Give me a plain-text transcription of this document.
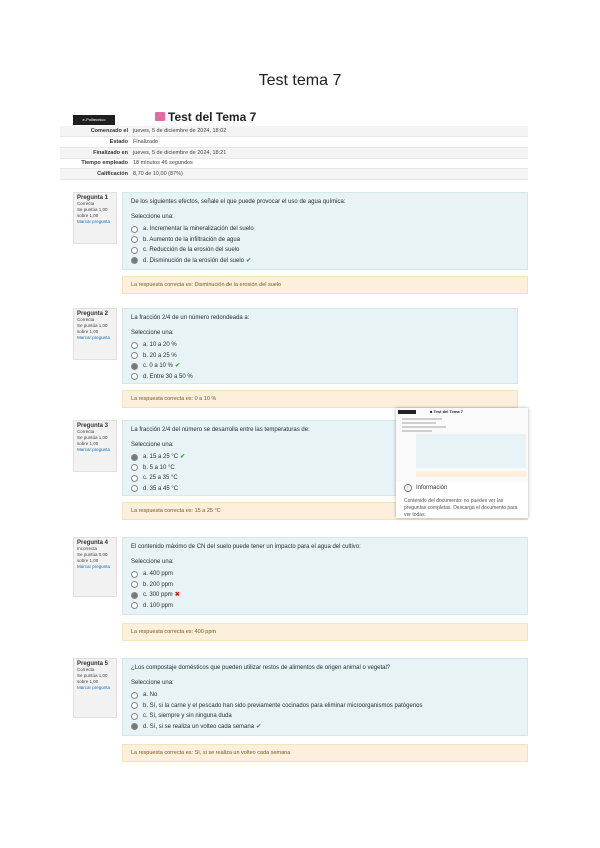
Test tema 7
e-Politecnico	Test del Tema 7
Comenzado el jueves, 5 de diciembre de 2024, 18:02
Estado Finalizado
Finalizado en jueves, 5 de diciembre de 2024, 18:21
Tiempo empleado 18 minutos 46 segundos
Calificación 8,70 de 10,00 (87%)
Pregunta 1
Correcta
Se puntúa 1,00 sobre 1,00
Marcar pregunta
De los siguientes efectos, señale el que puede provocar el uso de agua química:
Seleccione una:
a. Incrementar la mineralización del suelo
b. Aumento de la infiltración de agua
c. Reducción de la erosión del suelo
d. Disminución de la erosión del suelo ✔
La respuesta correcta es: Disminución de la erosión del suelo
Pregunta 2
Correcta
Se puntúa 1,00 sobre 1,00
Marcar pregunta
La fracción 2/4 de un número redondeada a:
Seleccione una:
a. 10 a 20 %
b. 20 a 25 %
c. 0 a 10 % ✔
d. Entre 30 a 50 %
La respuesta correcta es: 0 a 10 %
Pregunta 3
Correcta
Se puntúa 1,00 sobre 1,00
Marcar pregunta
La fracción 2/4 del número se desarrolla entre las temperaturas de:
Seleccione una:
a. 15 a 25 °C ✔
b. 5 a 10 °C
c. 25 a 35 °C
d. 35 a 45 °C
La respuesta correcta es: 15 a 25 °C
■ Test del Tema 7
i	Información
Contenido del documento: no puedes ver las preguntas completas. Descarga el documento para ver todas.
Pregunta 4
Incorrecta
Se puntúa 0,00 sobre 1,00
Marcar pregunta
El contenido máximo de CN del suelo puede tener un impacto para el agua del cultivo:
Seleccione una:
a. 400 ppm
b. 200 ppm
c. 300 ppm ✖
d. 100 ppm
La respuesta correcta es: 400 ppm
Pregunta 5
Correcta
Se puntúa 1,00 sobre 1,00
Marcar pregunta
¿Los compostaje domésticos que pueden utilizar restos de alimentos de origen animal o vegetal?
Seleccione una:
a. No
b. Sí, si la carne y el pescado han sido previamente cocinados para eliminar microorganismos patógenos
c. Sí, siempre y sin ninguna duda
d. Sí, si se realiza un volteo cada semana ✔
La respuesta correcta es: Sí, si se realiza un volteo cada semana
